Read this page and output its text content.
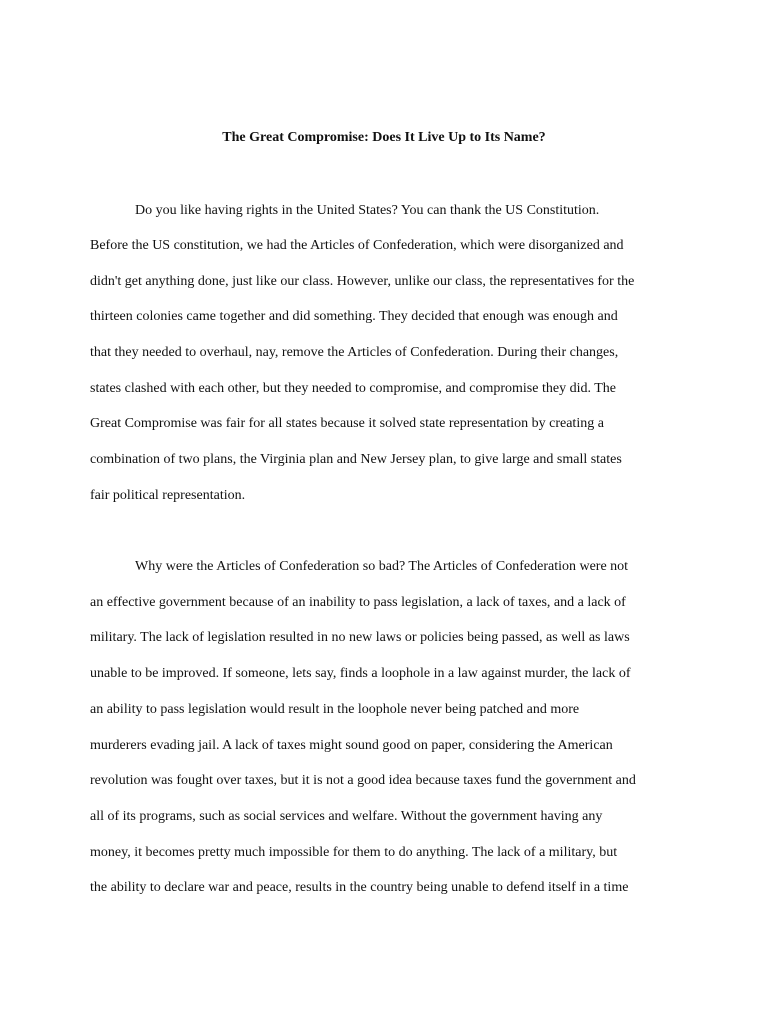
The Great Compromise: Does It Live Up to Its Name?
Do you like having rights in the United States? You can thank the US Constitution.
Before the US constitution, we had the Articles of Confederation, which were disorganized and
didn't get anything done, just like our class. However, unlike our class, the representatives for the
thirteen colonies came together and did something. They decided that enough was enough and
that they needed to overhaul, nay, remove the Articles of Confederation. During their changes,
states clashed with each other, but they needed to compromise, and compromise they did. The
Great Compromise was fair for all states because it solved state representation by creating a
combination of two plans, the Virginia plan and New Jersey plan, to give large and small states
fair political representation.
Why were the Articles of Confederation so bad? The Articles of Confederation were not
an effective government because of an inability to pass legislation, a lack of taxes, and a lack of
military. The lack of legislation resulted in no new laws or policies being passed, as well as laws
unable to be improved. If someone, lets say, finds a loophole in a law against murder, the lack of
an ability to pass legislation would result in the loophole never being patched and more
murderers evading jail. A lack of taxes might sound good on paper, considering the American
revolution was fought over taxes, but it is not a good idea because taxes fund the government and
all of its programs, such as social services and welfare. Without the government having any
money, it becomes pretty much impossible for them to do anything. The lack of a military, but
the ability to declare war and peace, results in the country being unable to defend itself in a time
